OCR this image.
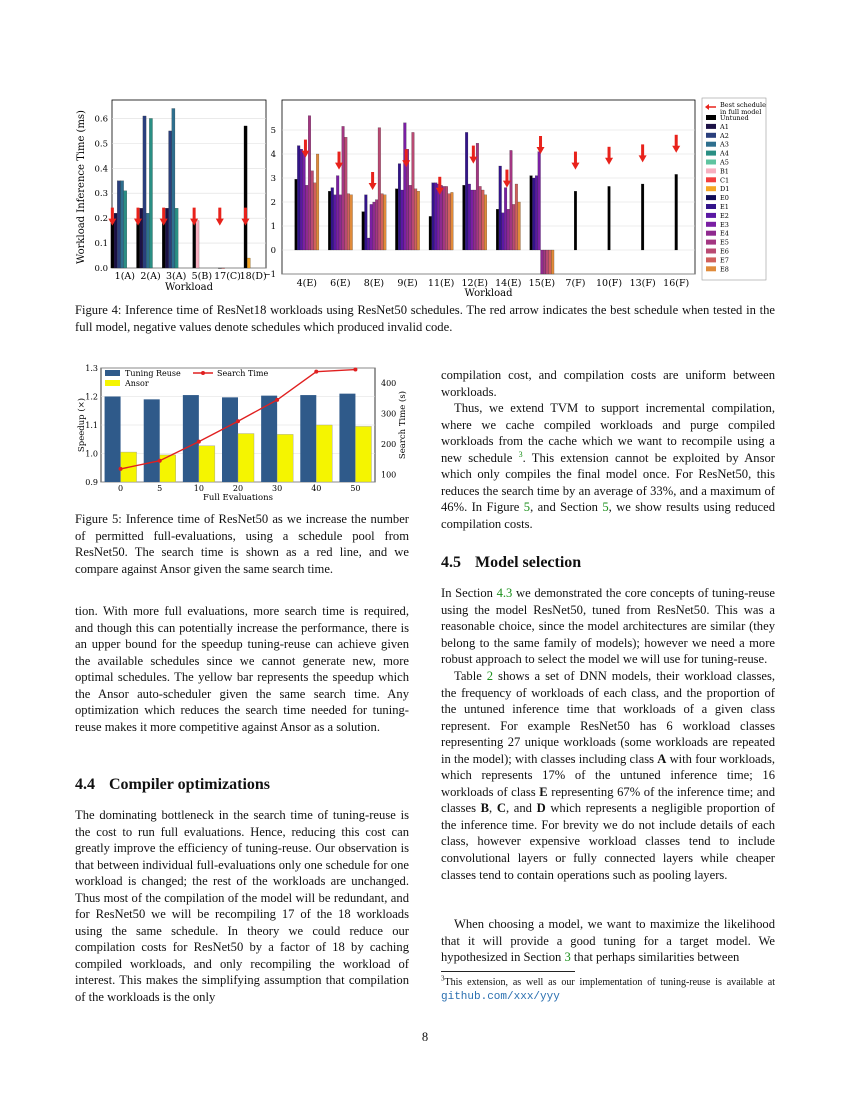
0.0
0.1
0.2
0.3
0.4
0.5
0.6
Workload Inference Time (ms)
1(A) 2(A) 3(A) 5(B) 17(C)
18(D)
Workload
−1
0
1
2
3
4
5
4(E) 6(E) 8(E) 9(E) 11(E) 12(E) 14(E) 15(E) 7(F) 10(F) 13(F) 16(F)
Workload
Best schedule
in full model
Untuned
A1
A2
A3
A4
A5
B1
C1
D1
E0
E1
E2
E3
E4
E5
E6
E7
E8

Figure 4: Inference time of ResNet18 workloads using ResNet50 schedules. The red arrow indicates the best schedule when tested in the full model, negative values denote schedules which produced invalid code.

0.9
1.0
1.1
1.2
1.3
100
200
300
400
Speedup (×)	Search Time (s)
0	5	10	20	30	40	50
Full Evaluations
Tuning Reuse
Ansor
Search Time

Figure 5: Inference time of ResNet50 as we increase the number of permitted full-evaluations, using a schedule pool from ResNet50. The search time is shown as a red line, and we compare against Ansor given the same search time.

tion. With more full evaluations, more search time is required, and though this can potentially increase the performance, there is an upper bound for the speedup tuning-reuse can achieve given the available schedules since we cannot generate new, more optimal schedules. The yellow bar represents the speedup which the Ansor auto-scheduler given the same search time. Any optimization which reduces the search time needed for tuning-reuse makes it more competitive against Ansor as a solution.

4.4 Compiler optimizations

The dominating bottleneck in the search time of tuning-reuse is the cost to run full evaluations. Hence, reducing this cost can greatly improve the efficiency of tuning-reuse. Our observation is that between individual full-evaluations only one schedule for one workload is changed; the rest of the workloads are unchanged. Thus most of the compilation of the model will be redundant, and for ResNet50 we will be recompiling 17 of the 18 workloads using the same schedule. In theory we could reduce our compilation costs for ResNet50 by a factor of 18 by caching compiled workloads, and only recompiling the workload of interest. This makes the simplifying assumption that compilation of the workloads is the only

compilation cost, and compilation costs are uniform between workloads.

Thus, we extend TVM to support incremental compilation, where we cache compiled workloads and purge compiled workloads from the cache which we want to recompile using a new schedule $^3$. This extension cannot be exploited by Ansor which only compiles the final model once. For ResNet50, this reduces the search time by an average of 33%, and a maximum of 46%. In Figure 5, and Section 5, we show results using reduced compilation costs.

4.5 Model selection

In Section 4.3 we demonstrated the core concepts of tuning-reuse using the model ResNet50, tuned from ResNet50. This was a reasonable choice, since the model architectures are similar (they belong to the same family of models); however we need a more robust approach to select the model we will use for tuning-reuse.

Table 2 shows a set of DNN models, their workload classes, the frequency of workloads of each class, and the proportion of the untuned inference time that workloads of a given class represent. For example ResNet50 has 6 workload classes representing 27 unique workloads (some workloads are repeated in the model); with classes including class A with four workloads, which represents 17% of the untuned inference time; 16 workloads of class E representing 67% of the inference time; and classes B, C, and D which represents a negligible proportion of the inference time. For brevity we do not include details of each class, however expensive workload classes tend to include convolutional layers or fully connected layers while cheaper classes tend to contain operations such as pooling layers.

When choosing a model, we want to maximize the likelihood that it will provide a good tuning for a target model. We hypothesized in Section 3 that perhaps similarities between

$^3$This extension, as well as our implementation of tuning-reuse is available at github.com/xxx/yyy

8
